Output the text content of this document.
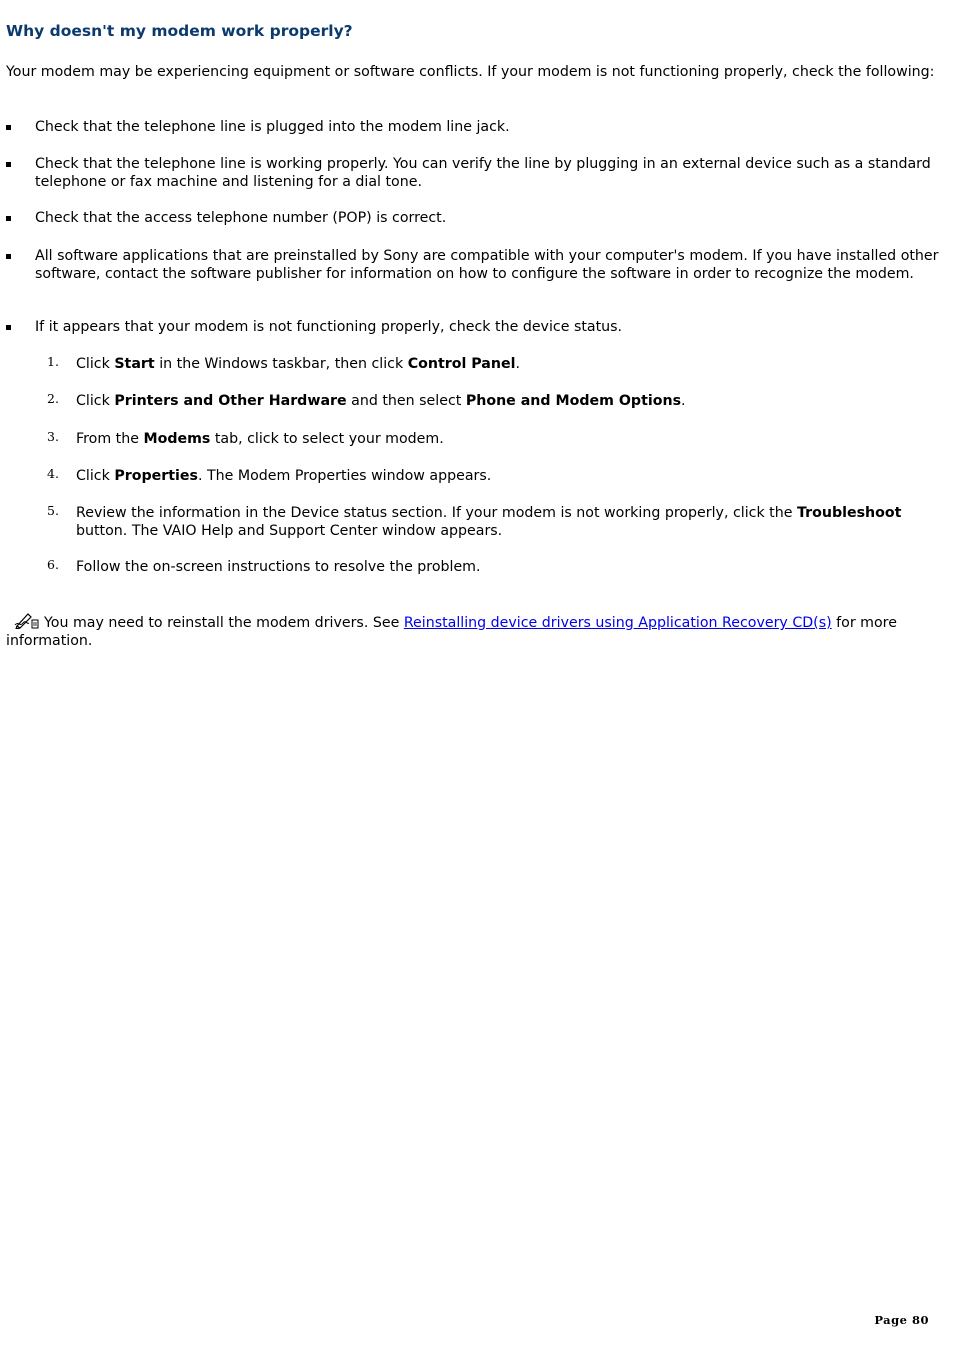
Why doesn't my modem work properly?

Your modem may be experiencing equipment or software conflicts. If your modem is not functioning properly, check the following:

Check that the telephone line is plugged into the modem line jack.
Check that the telephone line is working properly. You can verify the line by plugging in an external device such as a standard telephone or fax machine and listening for a dial tone.
Check that the access telephone number (POP) is correct.
All software applications that are preinstalled by Sony are compatible with your computer's modem. If you have installed other software, contact the software publisher for information on how to configure the software in order to recognize the modem.
If it appears that your modem is not functioning properly, check the device status.
1. Click Start in the Windows taskbar, then click Control Panel.
2. Click Printers and Other Hardware and then select Phone and Modem Options.
3. From the Modems tab, click to select your modem.
4. Click Properties. The Modem Properties window appears.
5. Review the information in the Device status section. If your modem is not working properly, click the Troubleshoot button. The VAIO Help and Support Center window appears.
6. Follow the on-screen instructions to resolve the problem.
You may need to reinstall the modem drivers. See Reinstalling device drivers using Application Recovery CD(s) for more information.
Page 80
